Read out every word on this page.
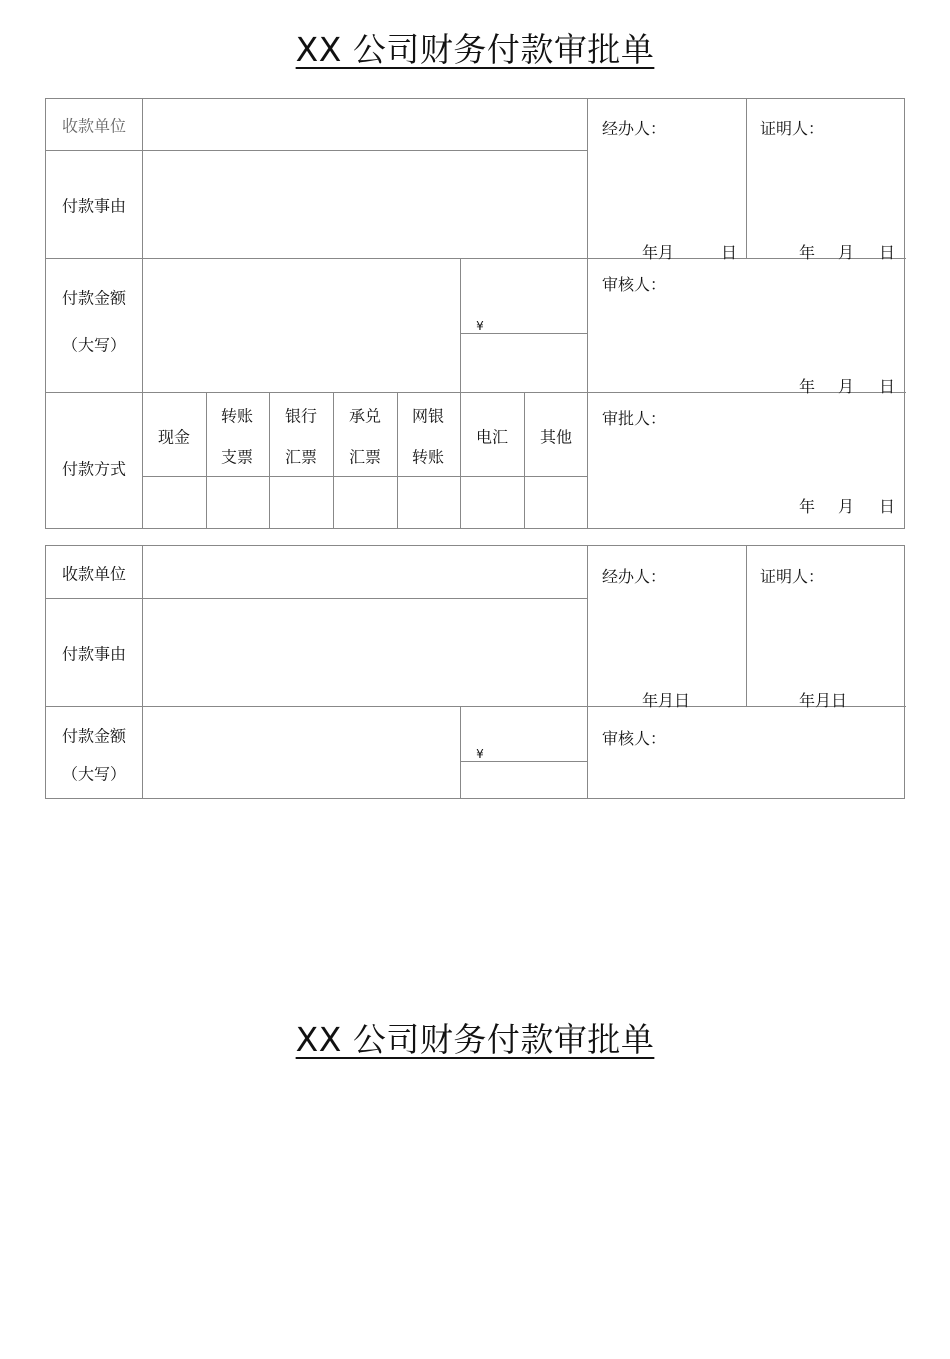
XX 公司财务付款审批单
收款单位
付款事由
付款金额
（大写）
付款方式
¥
现金
转账
支票
银行
汇票
承兑
汇票
网银
转账
电汇 其他
经办人：
年月	日
证明人：
年 月 日
审核人：
年 月 日
审批人：
年 月 日
收款单位
付款事由
付款金额
（大写）
¥
经办人：
年月日
证明人：
年月日
审核人：
XX 公司财务付款审批单
